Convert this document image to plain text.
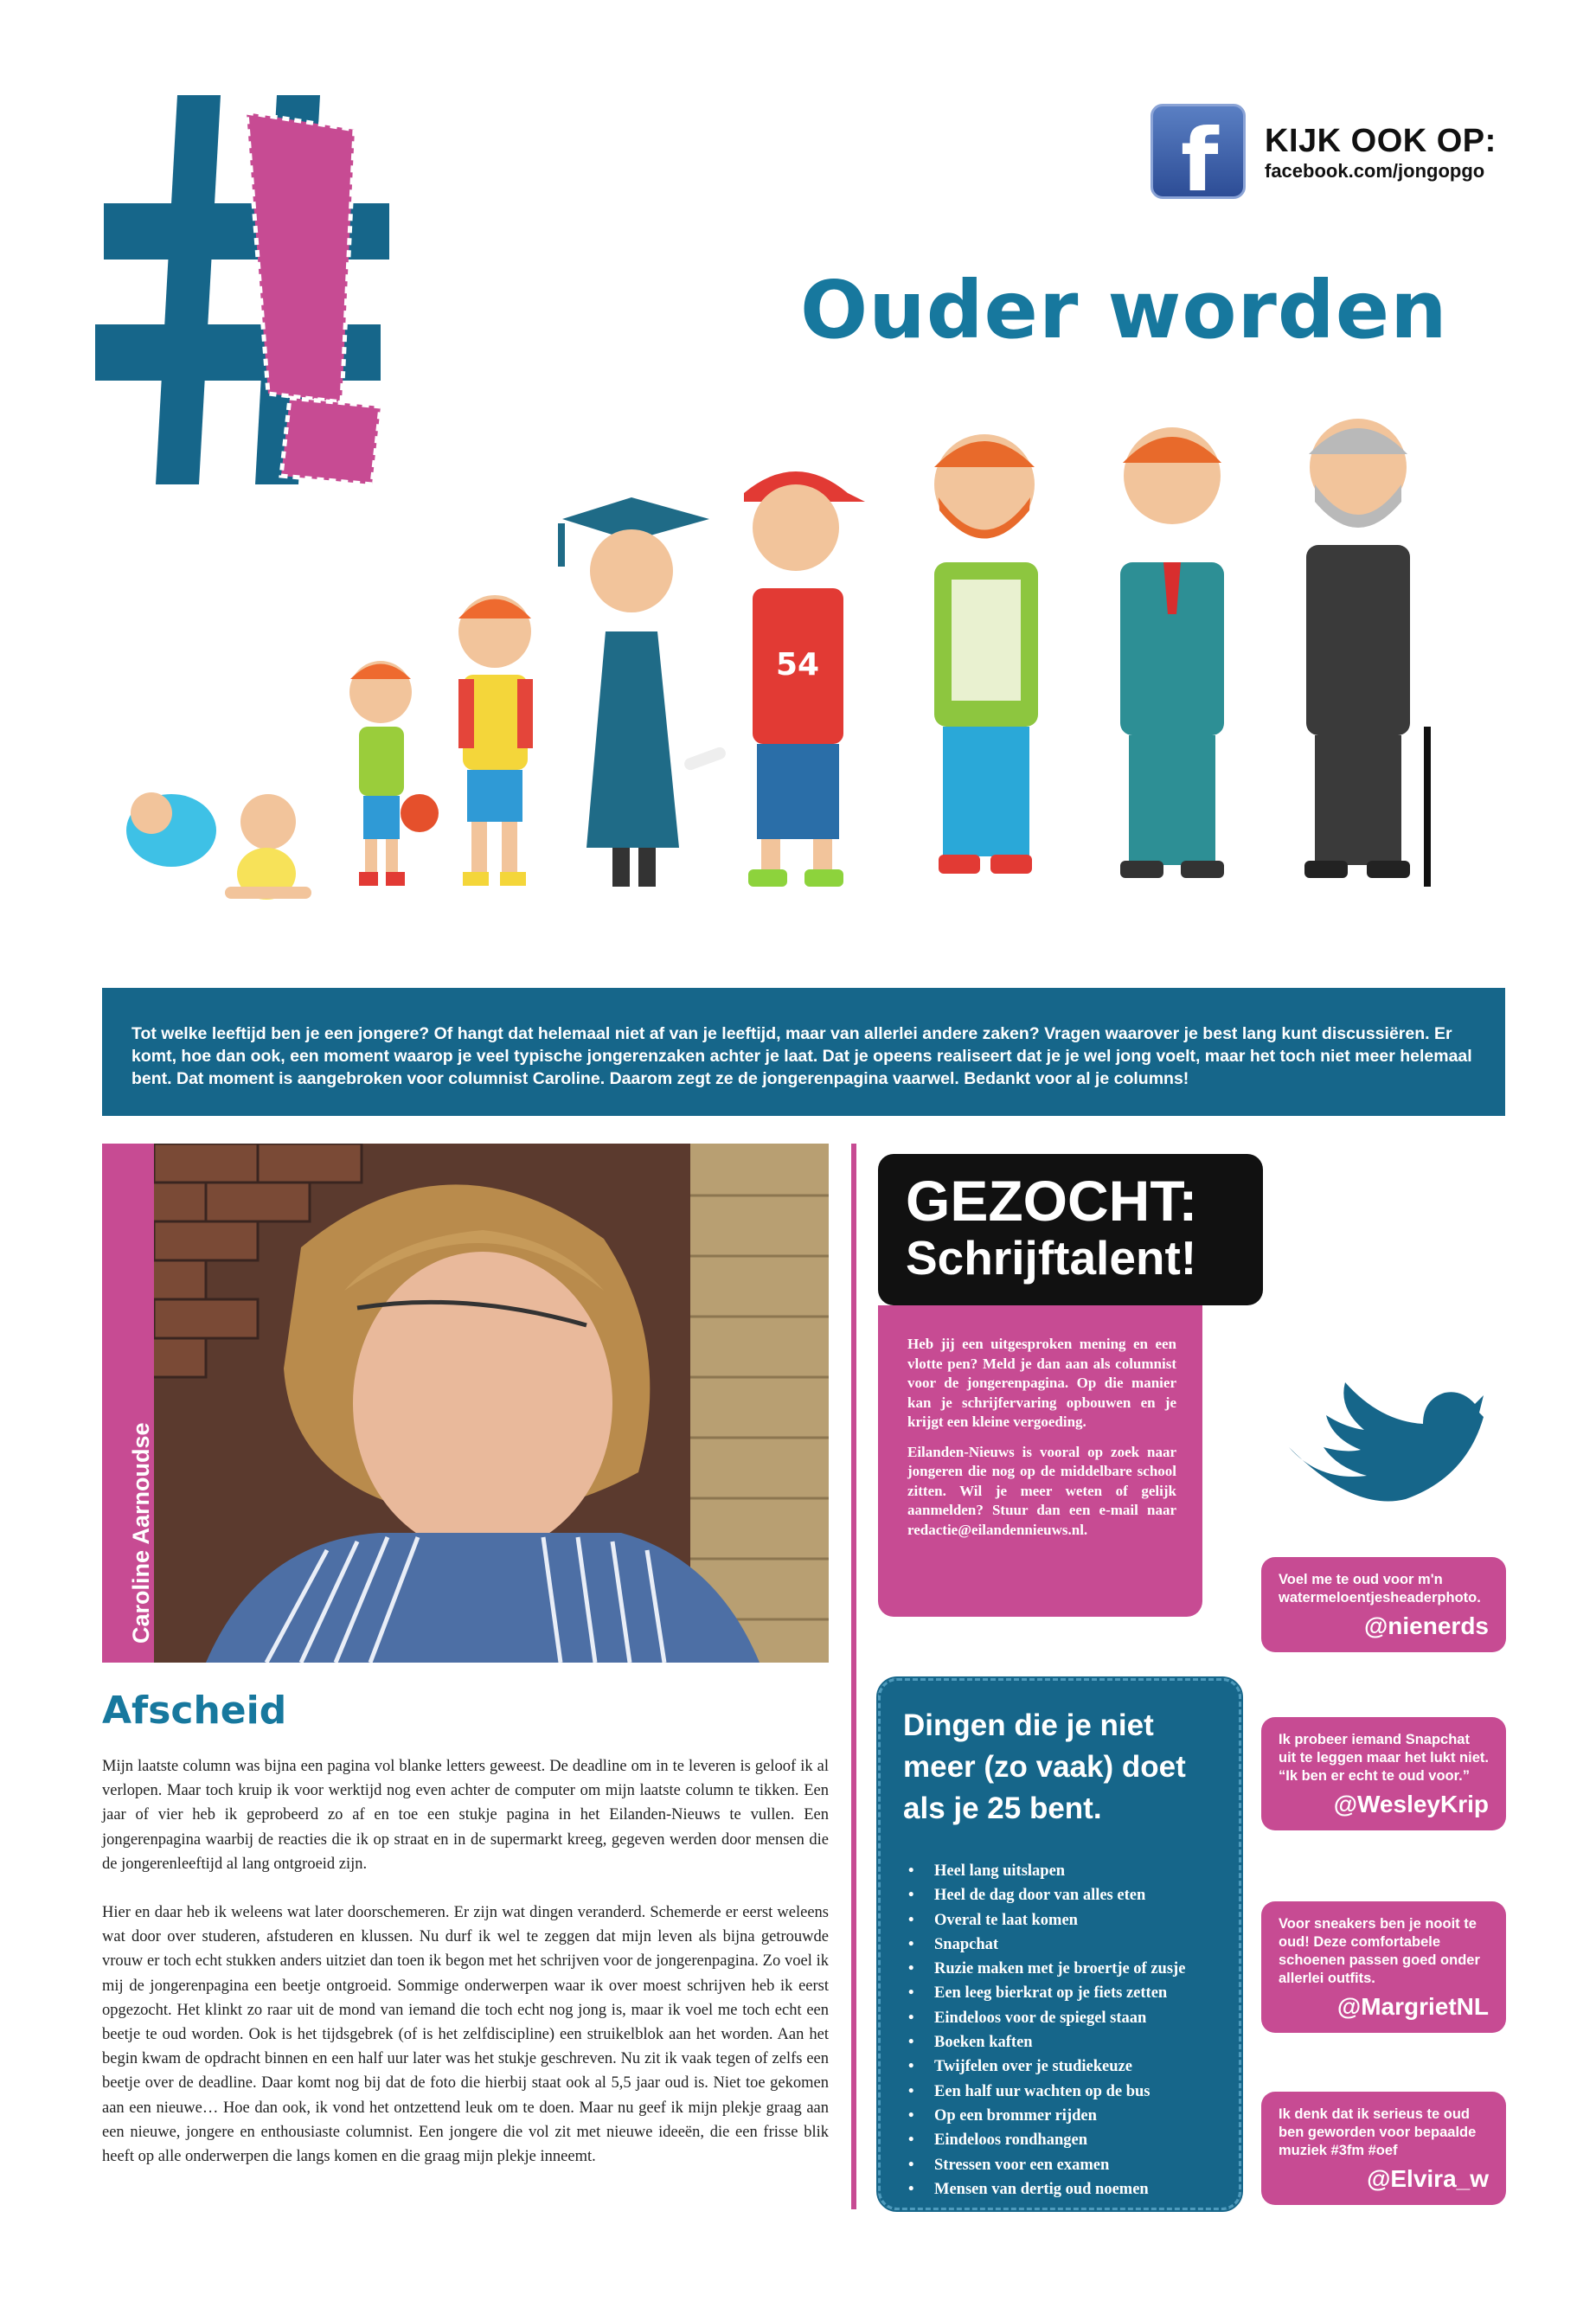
f KIJK OOK OP:
facebook.com/jongopgo
Ouder worden
54

Tot welke leeftijd ben je een jongere? Of hangt dat helemaal niet af van je leeftijd, maar van allerlei andere zaken? Vragen waarover je best lang kunt discussiëren. Er komt, hoe dan ook, een moment waarop je veel typische jongerenzaken achter je laat. Dat je opeens realiseert dat je je wel jong voelt, maar het toch niet meer helemaal bent. Dat moment is aangebroken voor columnist Caroline. Daarom zegt ze de jongerenpagina vaarwel. Bedankt voor al je columns!

Caroline Aarnoudse
Afscheid

Mijn laatste column was bijna een pagina vol blanke letters geweest. De deadline om in te leveren is geloof ik al verlopen. Maar toch kruip ik voor werktijd nog even achter de computer om mijn laatste column te tikken. Een jaar of vier heb ik geprobeerd zo af en toe een stukje pagina in het Eilanden-Nieuws te vullen. Een jongerenpagina waarbij de reacties die ik op straat en in de supermarkt kreeg, gegeven werden door mensen die de jongerenleeftijd al lang ontgroeid zijn.

Hier en daar heb ik weleens wat later doorschemeren. Er zijn wat dingen veranderd. Schemerde er eerst weleens wat door over studeren, afstuderen en klussen. Nu durf ik wel te zeggen dat mijn leven als bijna getrouwde vrouw er toch echt stukken anders uitziet dan toen ik begon met het schrijven voor de jongerenpagina. Zo voel ik mij de jongerenpagina een beetje ontgroeid. Sommige onderwerpen waar ik over moest schrijven heb ik eerst opgezocht. Het klinkt zo raar uit de mond van iemand die toch echt nog jong is, maar ik voel me toch echt een beetje te oud worden. Ook is het tijdsgebrek (of is het zelfdiscipline) een struikelblok aan het worden. Aan het begin kwam de opdracht binnen en een half uur later was het stukje geschreven. Nu zit ik vaak tegen of zelfs een beetje over de deadline. Daar komt nog bij dat de foto die hierbij staat ook al 5,5 jaar oud is. Niet toe gekomen aan een nieuwe… Hoe dan ook, ik vond het ontzettend leuk om te doen. Maar nu geef ik mijn plekje graag aan een nieuwe, jongere en enthousiaste columnist. Een jongere die vol zit met nieuwe ideeën, die een frisse blik heeft op alle onderwerpen die langs komen en die graag mijn plekje inneemt.

GEZOCHT:
Schrijftalent!

Heb jij een uitgesproken mening en een vlotte pen? Meld je dan aan als columnist voor de jongerenpagina. Op die manier kan je schrijfervaring opbouwen en je krijgt een kleine vergoeding.

Eilanden-Nieuws is vooral op zoek naar jongeren die nog op de middelbare school zitten. Wil je meer weten of gelijk aanmelden? Stuur dan een e-mail naar redactie@eilandennieuws.nl.

Voel me te oud voor m'n watermeloentjesheaderphoto.
@nienerds
Ik probeer iemand Snapchat uit te leggen maar het lukt niet. “Ik ben er echt te oud voor.”
@WesleyKrip
Voor sneakers ben je nooit te oud! Deze comfortabele schoenen passen goed onder allerlei outfits.
@MargrietNL
Ik denk dat ik serieus te oud ben geworden voor bepaalde muziek #3fm #oef
@Elvira_w
Dingen die je niet meer (zo vaak) doet als je 25 bent.
• Heel lang uitslapen
• Heel de dag door van alles eten
• Overal te laat komen
• Snapchat
• Ruzie maken met je broertje of zusje
• Een leeg bierkrat op je fiets zetten
• Eindeloos voor de spiegel staan
• Boeken kaften
• Twijfelen over je studiekeuze
• Een half uur wachten op de bus
• Op een brommer rijden
• Eindeloos rondhangen
• Stressen voor een examen
• Mensen van dertig oud noemen
